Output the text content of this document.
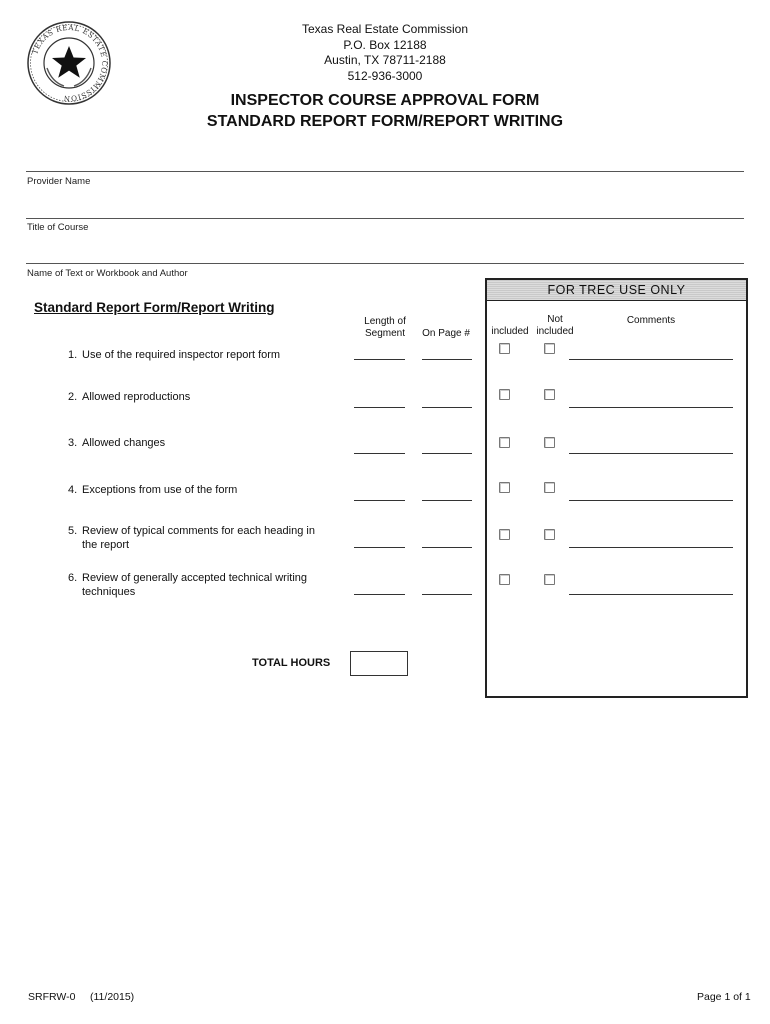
TEXAS REAL ESTATE COMMISSION
Texas Real Estate Commission
P.O. Box 12188
Austin, TX 78711-2188
512-936-3000
INSPECTOR COURSE APPROVAL FORM
STANDARD REPORT FORM/REPORT WRITING
Provider Name
Title of Course
Name of Text or Workbook and Author
FOR TREC USE ONLY
Not
included included
Comments
Standard Report Form/Report Writing
Length of
Segment	On Page #
1. Use of the required inspector report form
2. Allowed reproductions
3. Allowed changes
4. Exceptions from use of the form
5. Review of typical comments for each heading in
the report
6. Review of generally accepted technical writing
techniques
TOTAL HOURS
SRFRW-0 (11/2015)	Page 1 of 1
